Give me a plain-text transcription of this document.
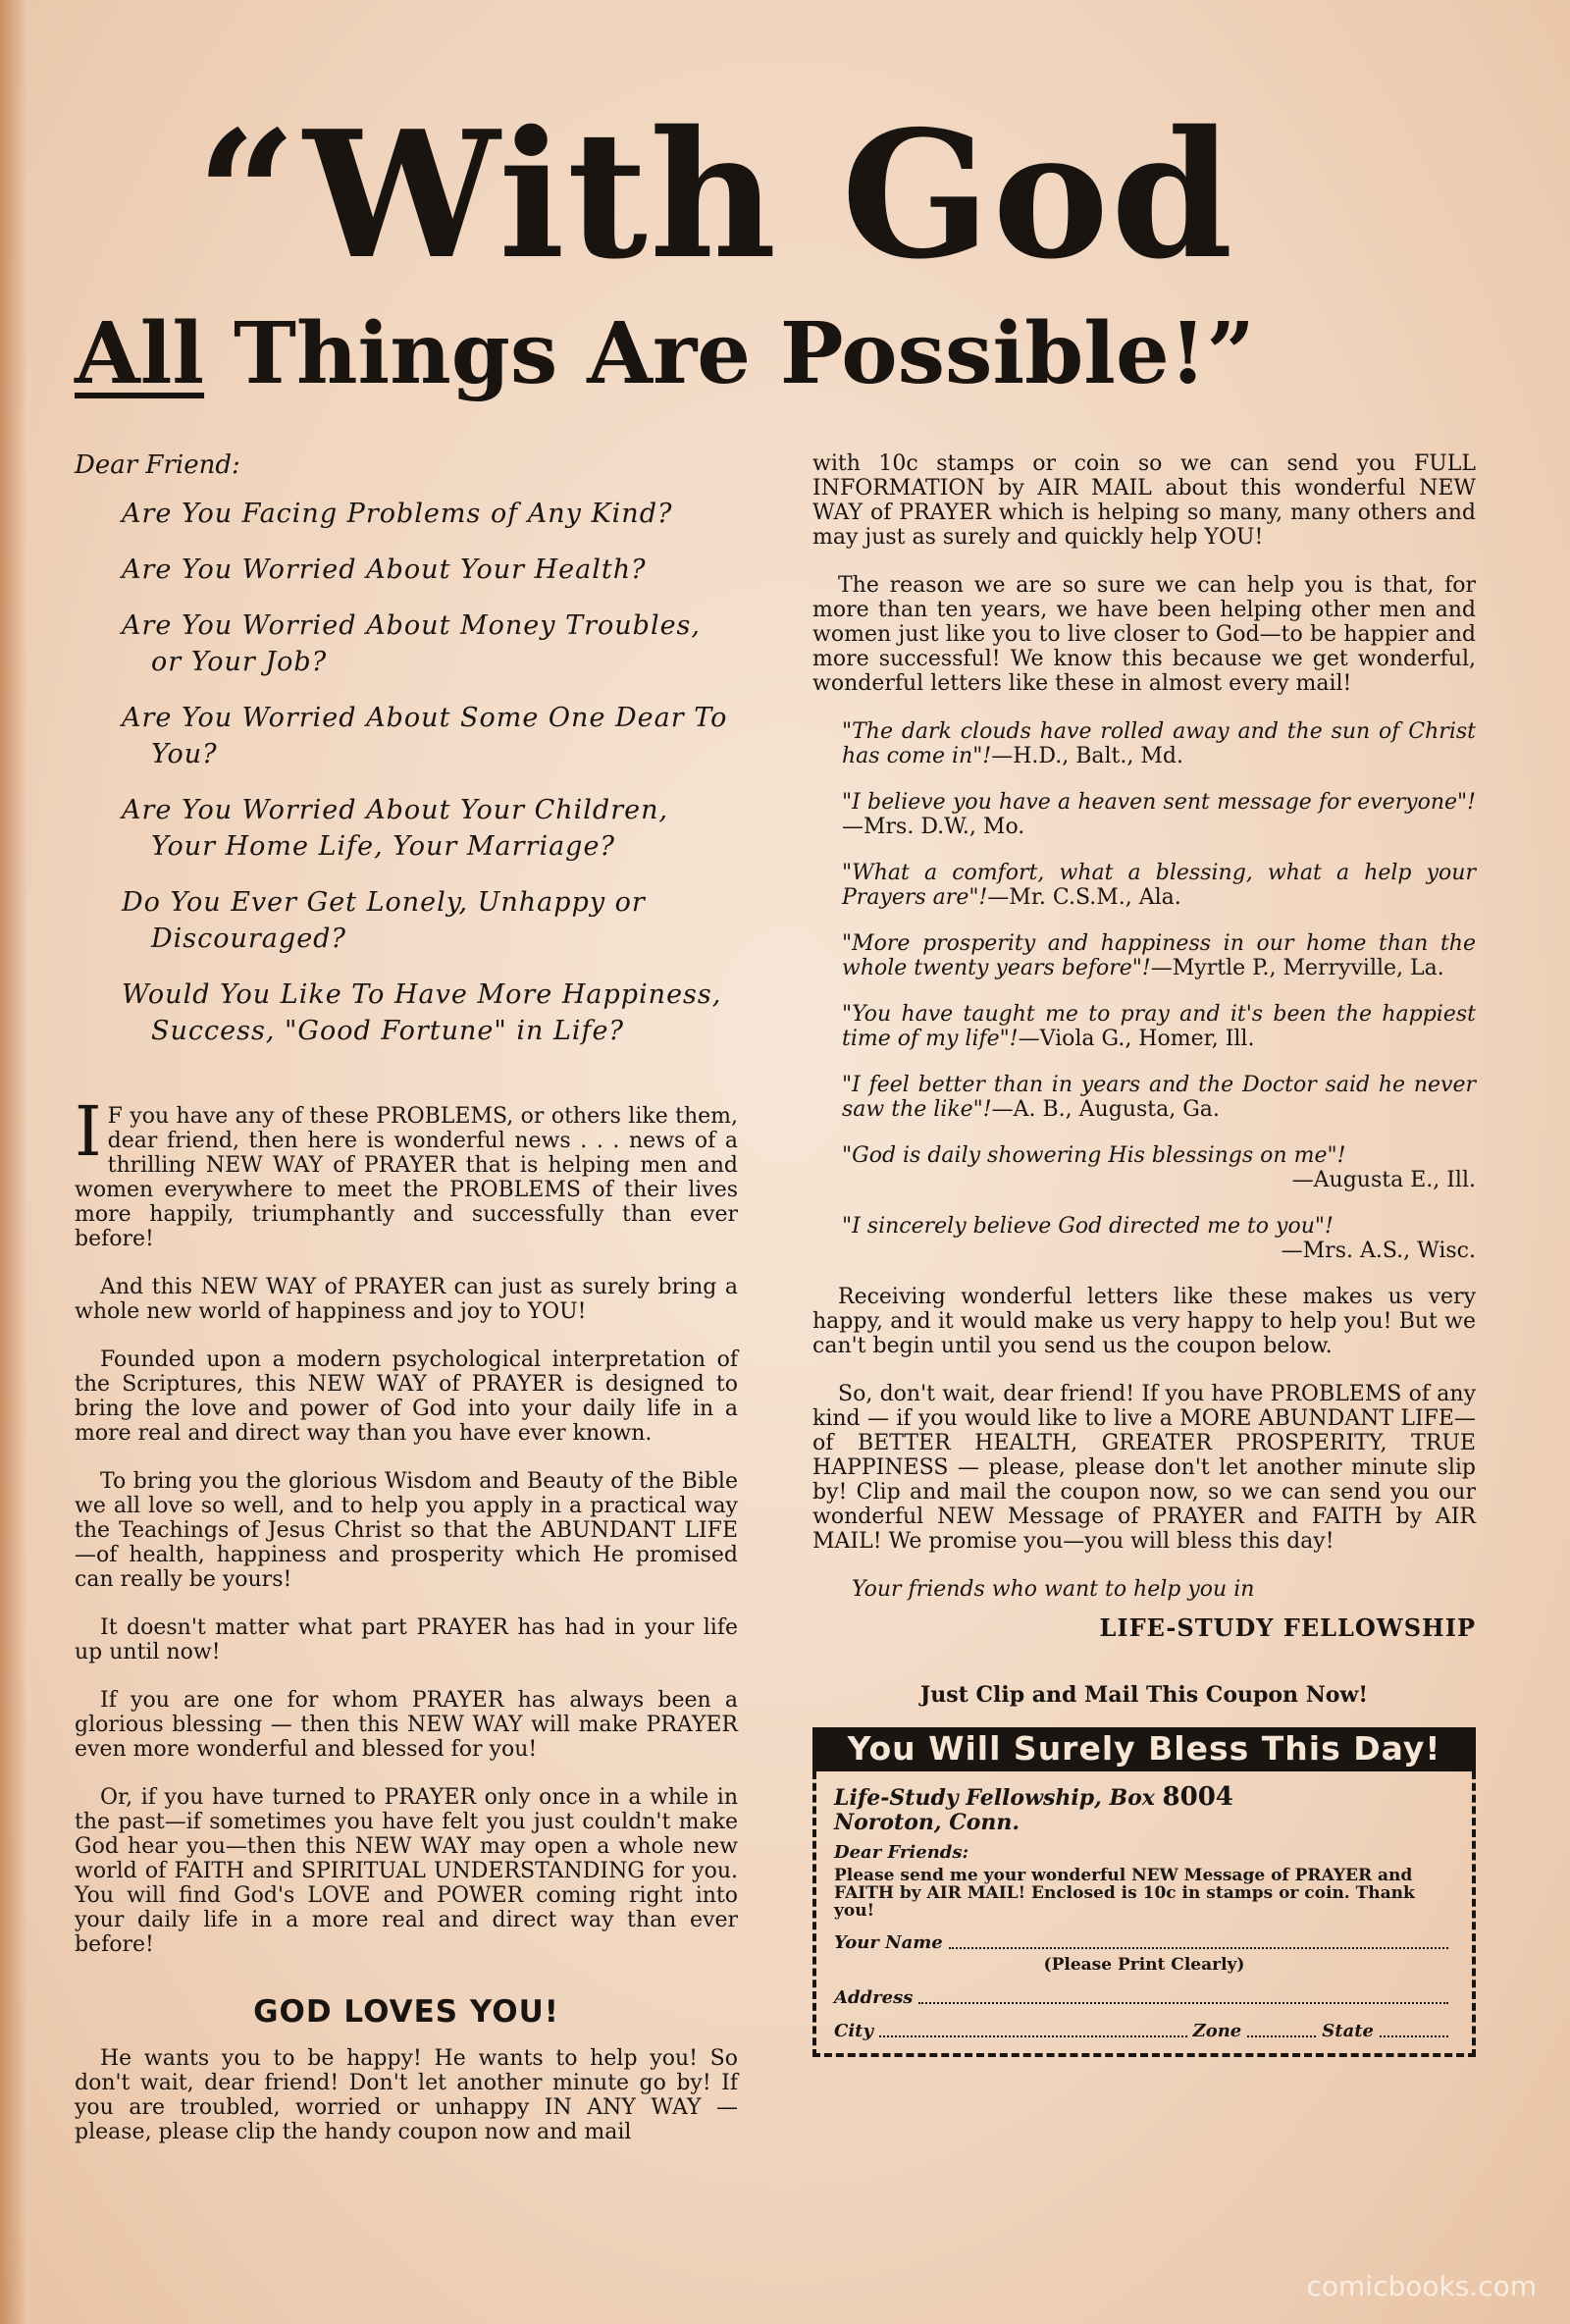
“With God
All Things Are Possible!”
Dear Friend:
Are You Facing Problems of Any Kind?
Are You Worried About Your Health?
Are You Worried About Money Troubles, or Your Job?
Are You Worried About Some One Dear To You?
Are You Worried About Your Children, Your Home Life, Your Marriage?
Do You Ever Get Lonely, Unhappy or Discouraged?
Would You Like To Have More Happiness, Success, "Good Fortune" in Life?

I F you have any of these PROBLEMS, or others like them, dear friend, then here is wonderful news . . . news of a thrilling NEW WAY of PRAYER that is helping men and women everywhere to meet the PROBLEMS of their lives more happily, triumphantly and successfully than ever before!

And this NEW WAY of PRAYER can just as surely bring a whole new world of happiness and joy to YOU!

Founded upon a modern psychological interpretation of the Scriptures, this NEW WAY of PRAYER is designed to bring the love and power of God into your daily life in a more real and direct way than you have ever known.

To bring you the glorious Wisdom and Beauty of the Bible we all love so well, and to help you apply in a practical way the Teachings of Jesus Christ so that the ABUNDANT LIFE—of health, happiness and prosperity which He promised can really be yours!

It doesn't matter what part PRAYER has had in your life up until now!

If you are one for whom PRAYER has always been a glorious blessing — then this NEW WAY will make PRAYER even more wonderful and blessed for you!

Or, if you have turned to PRAYER only once in a while in the past—if sometimes you have felt you just couldn't make God hear you—then this NEW WAY may open a whole new world of FAITH and SPIRITUAL UNDERSTANDING for you. You will find God's LOVE and POWER coming right into your daily life in a more real and direct way than ever before!

GOD LOVES YOU!

He wants you to be happy! He wants to help you! So don't wait, dear friend! Don't let another minute go by! If you are troubled, worried or unhappy IN ANY WAY —please, please clip the handy coupon now and mail

with 10c stamps or coin so we can send you FULL INFORMATION by AIR MAIL about this wonderful NEW WAY of PRAYER which is helping so many, many others and may just as surely and quickly help YOU!

The reason we are so sure we can help you is that, for more than ten years, we have been helping other men and women just like you to live closer to God—to be happier and more successful! We know this because we get wonderful, wonderful letters like these in almost every mail!

"The dark clouds have rolled away and the sun of Christ has come in"!—H.D., Balt., Md.
"I believe you have a heaven sent message for everyone"!—Mrs. D.W., Mo.
"What a comfort, what a blessing, what a help your Prayers are"!—Mr. C.S.M., Ala.
"More prosperity and happiness in our home than the whole twenty years before"!—Myrtle P., Merryville, La.
"You have taught me to pray and it's been the happiest time of my life"!—Viola G., Homer, Ill.
"I feel better than in years and the Doctor said he never saw the like"!—A. B., Augusta, Ga.
"God is daily showering His blessings on me"!
—Augusta E., Ill.
"I sincerely believe God directed me to you"!
—Mrs. A.S., Wisc.

Receiving wonderful letters like these makes us very happy, and it would make us very happy to help you! But we can't begin until you send us the coupon below.

So, don't wait, dear friend! If you have PROBLEMS of any kind — if you would like to live a MORE ABUNDANT LIFE—of BETTER HEALTH, GREATER PROSPERITY, TRUE HAPPINESS — please, please don't let another minute slip by! Clip and mail the coupon now, so we can send you our wonderful NEW Message of PRAYER and FAITH by AIR MAIL! We promise you—you will bless this day!

Your friends who want to help you in
LIFE-STUDY FELLOWSHIP
Just Clip and Mail This Coupon Now!
You Will Surely Bless This Day!
Life-Study Fellowship, Box 8004
Noroton, Conn.
Dear Friends:
Please send me your wonderful NEW Message of PRAYER and FAITH by AIR MAIL! Enclosed is 10c in stamps or coin. Thank you!
Your Name
(Please Print Clearly)
Address
City	Zone	State
comicbooks.com
